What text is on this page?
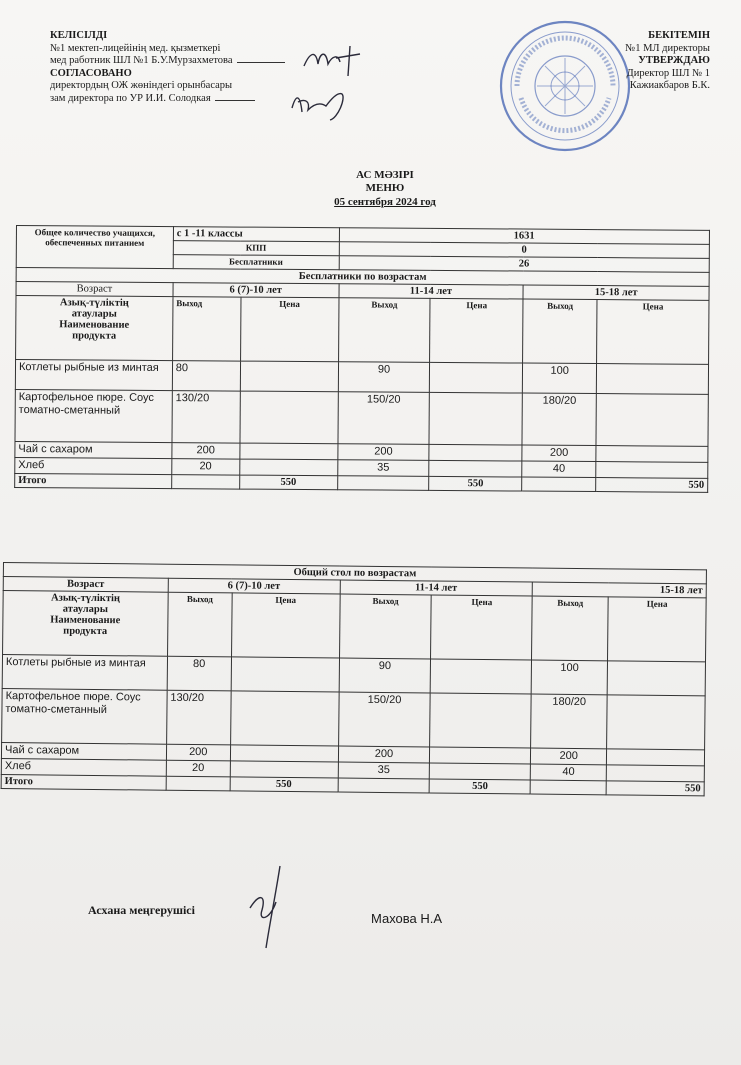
КЕЛІСІЛДІ
№1 мектеп-лицейінің мед. қызметкері
мед работник ШЛ №1 Б.У.Мурзахметова
СОГЛАСОВАНО
директордың ОЖ жөніндегі орынбасары
зам директора по УР И.И. Солодкая
БЕКІТЕМІН
№1 МЛ директоры
УТВЕРЖДАЮ
Директор ШЛ № 1
Кажиакбаров Б.К.
АС МӘЗІРІ
МЕНЮ
05 сентября 2024 год
Общее количество учащихся, обеспеченных питанием	с 1 -11 классы		1631			
	КПП		0			
	Бесплатники		26			
Бесплатники по возрастам						
Возраст	6 (7)-10 лет		11-14 лет		15-18 лет	

Азық-түліктің
атаулары
Наименование
продукта	Выход	Цена	Выход	Цена	Выход	Цена
Котлеты рыбные из минтая	80		90		100	
Картофельное пюре. Соус томатно-сметанный	130/20		150/20		180/20	
Чай с сахаром	200		200		200	
Хлеб	20		35		40	
Итого		550		550		550
Общий стол по возрастам						
Возраст	6 (7)-10 лет		11-14 лет		15-18 лет	

Азық-түліктің
атаулары
Наименование
продукта	Выход	Цена	Выход	Цена	Выход	Цена
Котлеты рыбные из минтая	80		90		100	
Картофельное пюре. Соус томатно-сметанный	130/20		150/20		180/20	
Чай с сахаром	200		200		200	
Хлеб	20		35		40	
Итого		550		550		550
Асхана меңгерушісі
Махова Н.А
